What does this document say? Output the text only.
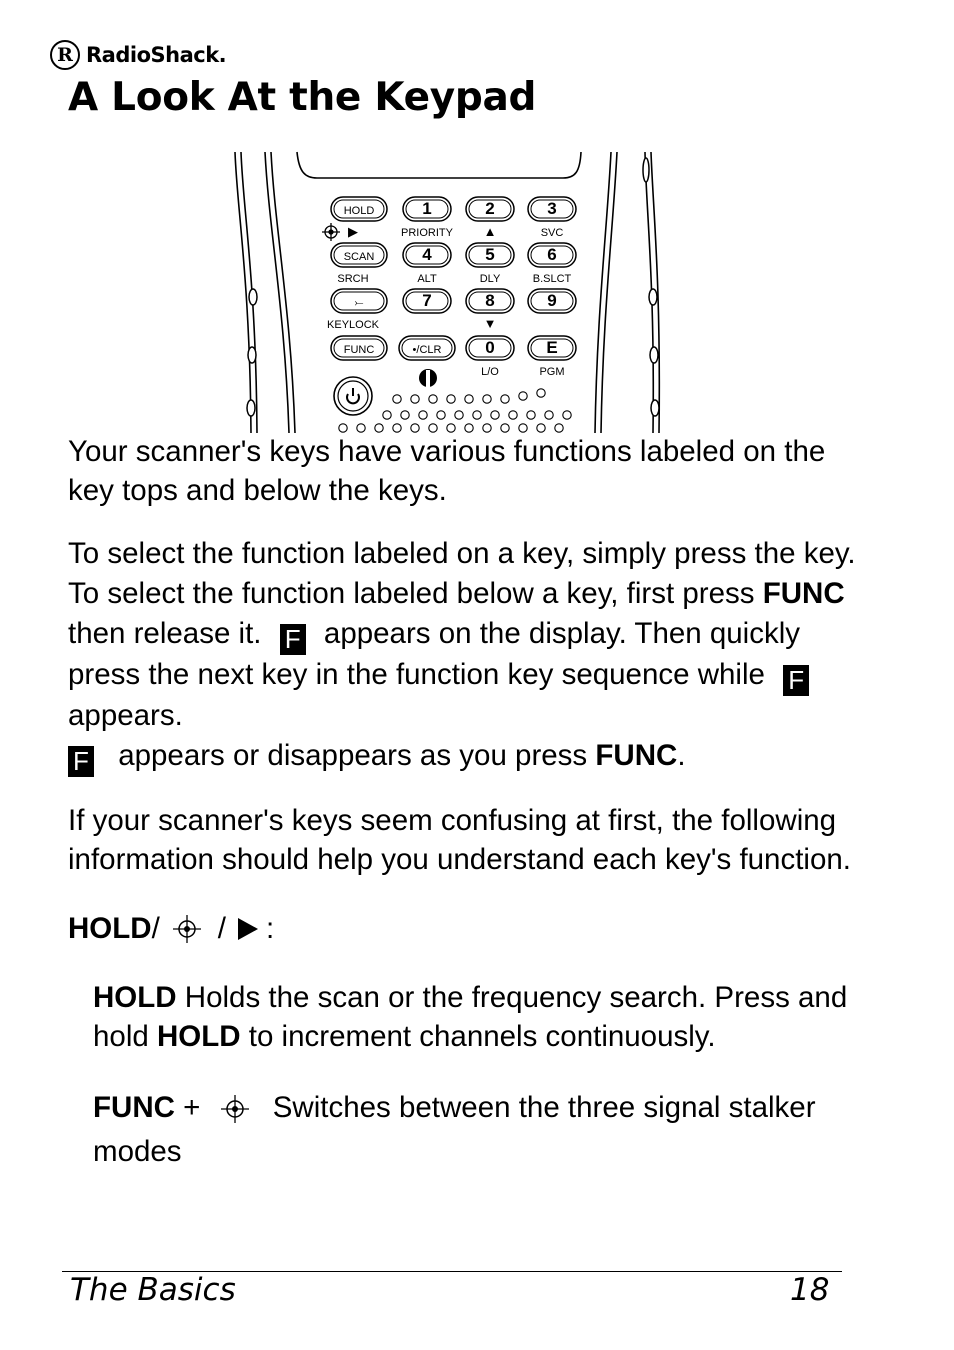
R RadioShack.
A Look At the Keypad
HOLD
▶
1
PRIORITY
2
▲
3
SVC
SCAN
SRCH
4
ALT
5
DLY
6
B.SLCT
⤚
KEYLOCK
7	8
▼
9
FUNC	•/CLR	0
L/O
E
PGM

Your scanner's keys have various functions labeled on the key tops and below the keys.

To select the function labeled on a key, simply press the key. To select the function labeled below a key, first press FUNC then release it. F appears on the display. Then quickly press the next key in the function key sequence while F appears.
F appears or disappears as you press FUNC.

If your scanner's keys seem confusing at first, the following information should help you understand each key's function.

HOLD / / :

HOLD Holds the scan or the frequency search. Press and hold HOLD to increment channels continuously.

FUNC +  Switches between the three signal stalker modes

The Basics	18
